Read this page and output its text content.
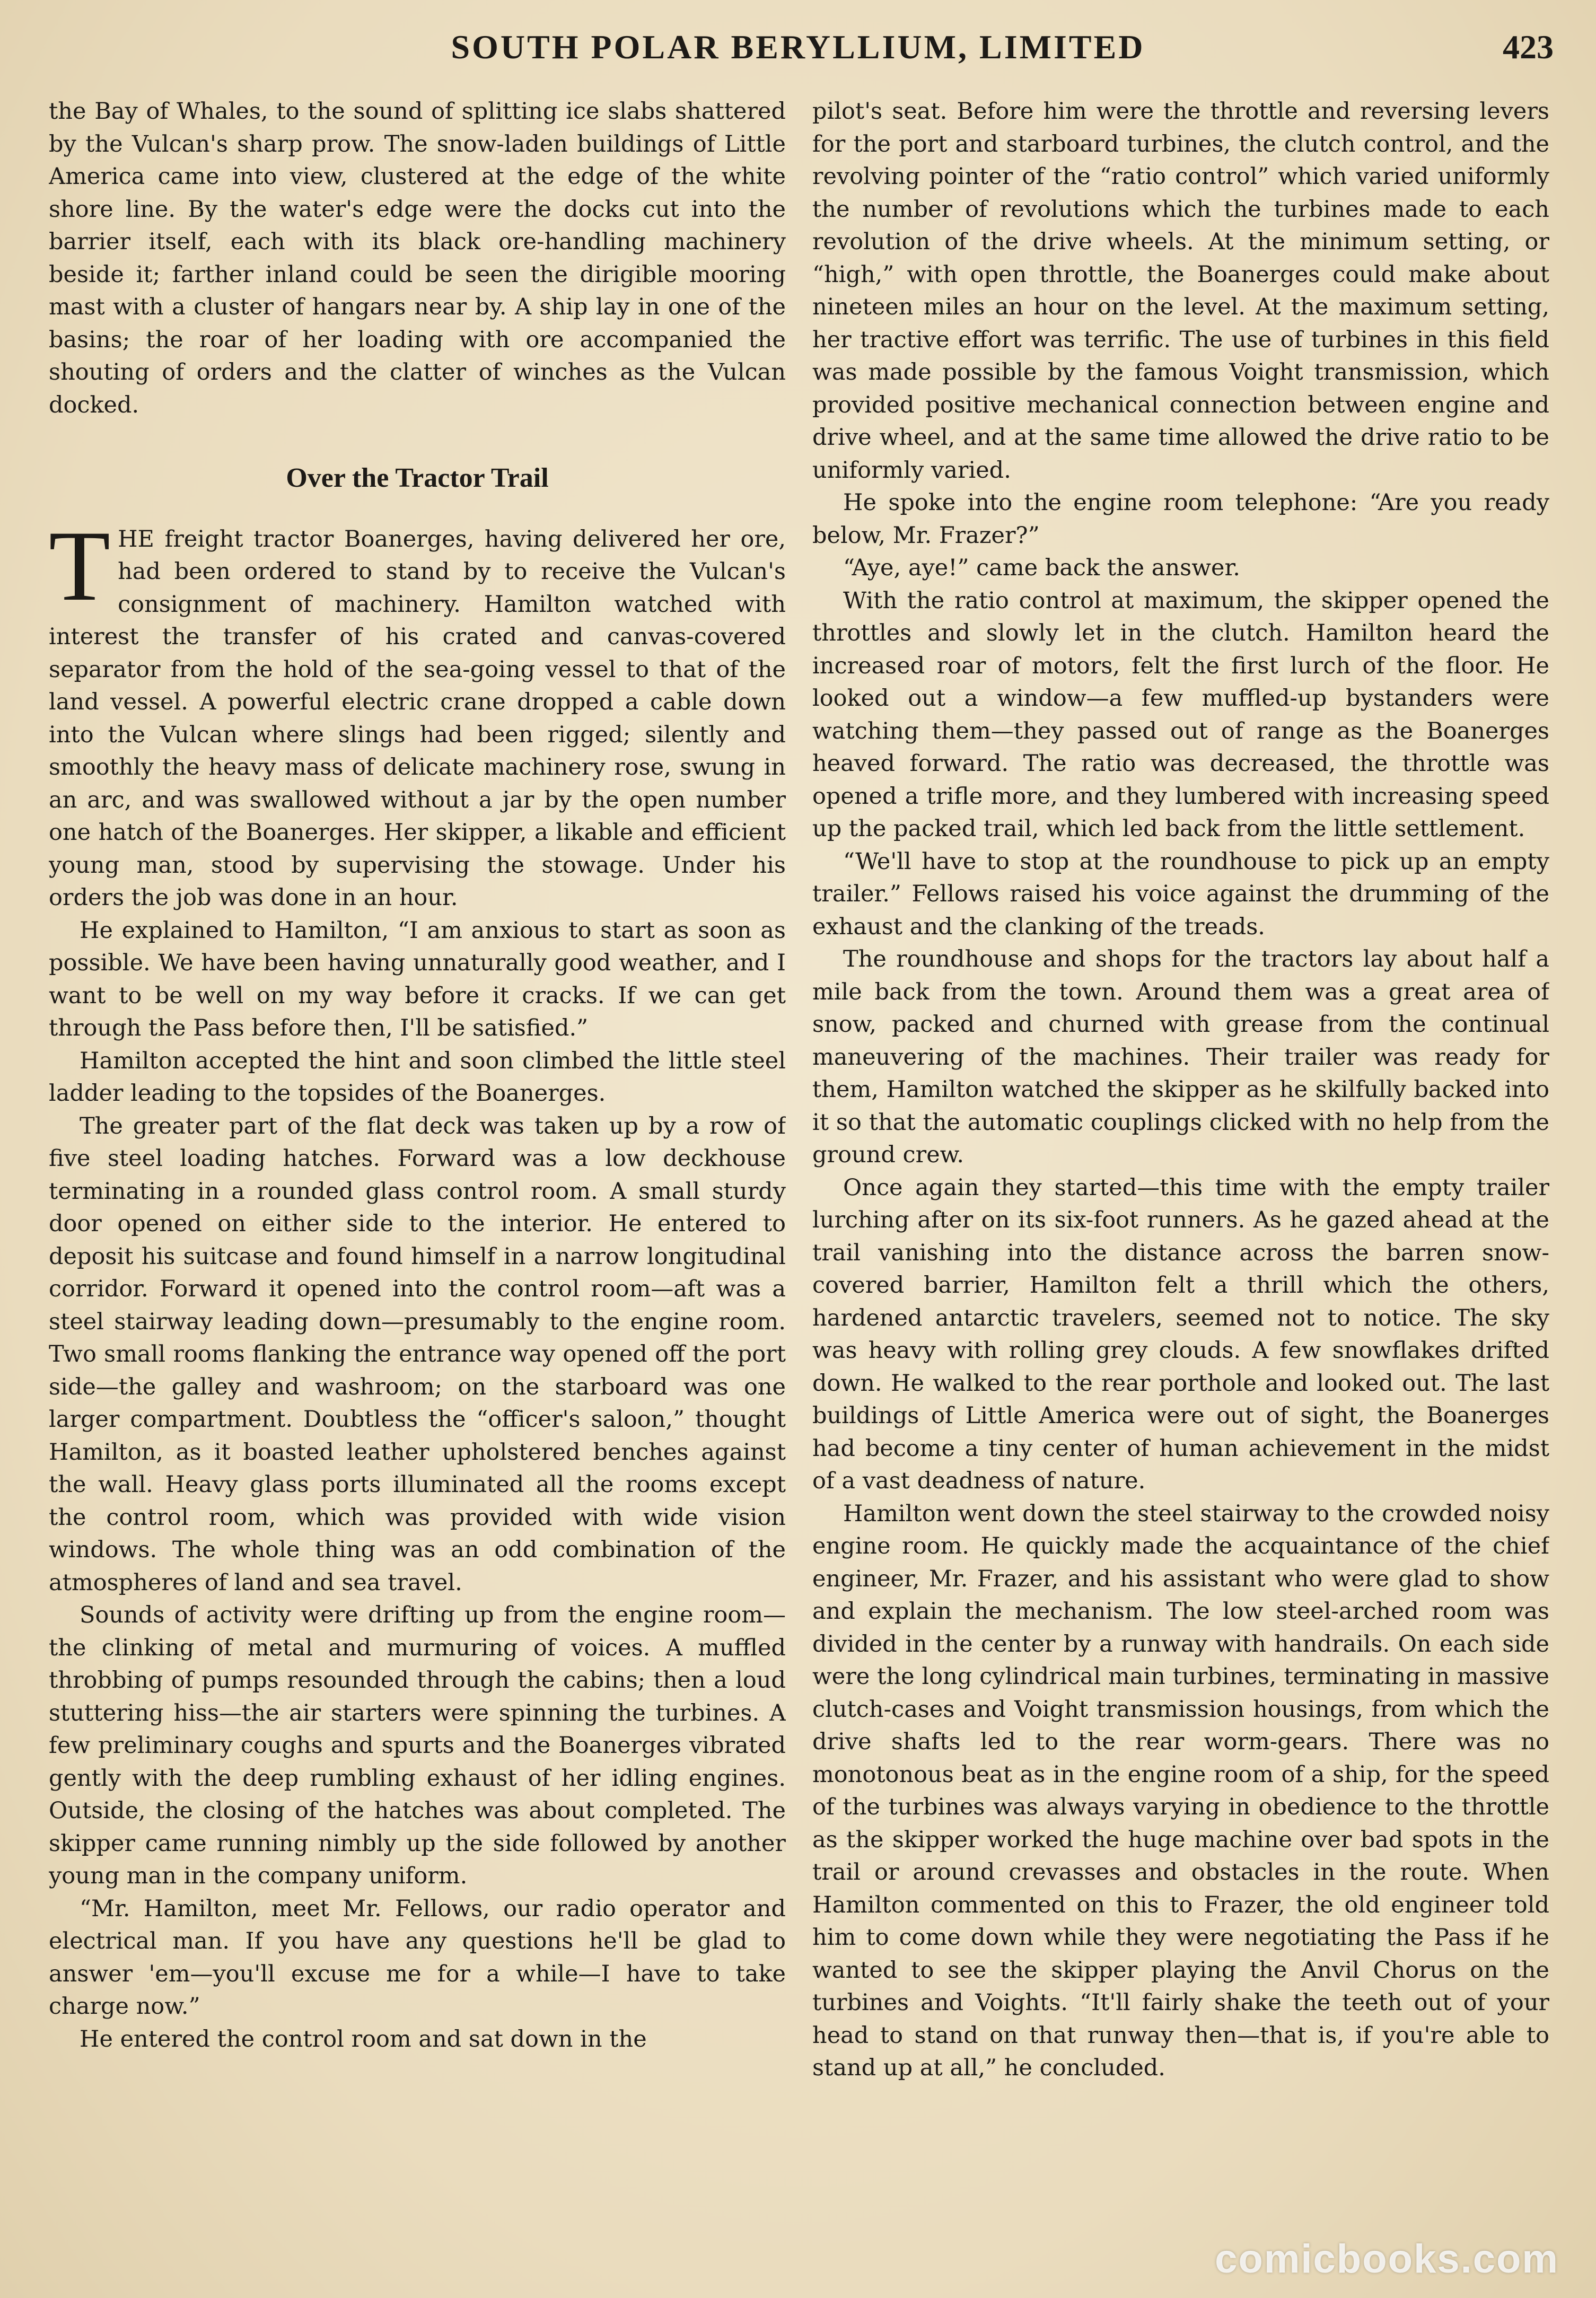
SOUTH POLAR BERYLLIUM, LIMITED	423

the Bay of Whales, to the sound of splitting ice slabs shattered by the Vulcan's sharp prow. The snow-laden buildings of Little America came into view, clustered at the edge of the white shore line. By the water's edge were the docks cut into the barrier itself, each with its black ore-handling machinery beside it; farther inland could be seen the dirigible mooring mast with a cluster of hangars near by. A ship lay in one of the basins; the roar of her loading with ore accompanied the shouting of orders and the clatter of winches as the Vulcan docked.

Over the Tractor Trail

THE freight tractor Boanerges, having delivered her ore, had been ordered to stand by to receive the Vulcan's consignment of machinery. Hamilton watched with interest the transfer of his crated and canvas-covered separator from the hold of the sea-going vessel to that of the land vessel. A powerful electric crane dropped a cable down into the Vulcan where slings had been rigged; silently and smoothly the heavy mass of delicate machinery rose, swung in an arc, and was swallowed without a jar by the open number one hatch of the Boanerges. Her skipper, a likable and efficient young man, stood by supervising the stowage. Under his orders the job was done in an hour.

He explained to Hamilton, “I am anxious to start as soon as possible. We have been having unnaturally good weather, and I want to be well on my way before it cracks. If we can get through the Pass before then, I'll be satisfied.”

Hamilton accepted the hint and soon climbed the little steel ladder leading to the topsides of the Boanerges.

The greater part of the flat deck was taken up by a row of five steel loading hatches. Forward was a low deckhouse terminating in a rounded glass control room. A small sturdy door opened on either side to the interior. He entered to deposit his suitcase and found himself in a narrow longitudinal corridor. Forward it opened into the control room—aft was a steel stairway leading down—presumably to the engine room. Two small rooms flanking the entrance way opened off the port side—the galley and washroom; on the starboard was one larger compartment. Doubtless the “officer's saloon,” thought Hamilton, as it boasted leather upholstered benches against the wall. Heavy glass ports illuminated all the rooms except the control room, which was provided with wide vision windows. The whole thing was an odd combination of the atmospheres of land and sea travel.

Sounds of activity were drifting up from the engine room—the clinking of metal and murmuring of voices. A muffled throbbing of pumps resounded through the cabins; then a loud stuttering hiss—the air starters were spinning the turbines. A few preliminary coughs and spurts and the Boanerges vibrated gently with the deep rumbling exhaust of her idling engines. Outside, the closing of the hatches was about completed. The skipper came running nimbly up the side followed by another young man in the company uniform.

“Mr. Hamilton, meet Mr. Fellows, our radio operator and electrical man. If you have any questions he'll be glad to answer 'em—you'll excuse me for a while—I have to take charge now.”

He entered the control room and sat down in the

pilot's seat. Before him were the throttle and reversing levers for the port and starboard turbines, the clutch control, and the revolving pointer of the “ratio control” which varied uniformly the number of revolutions which the turbines made to each revolution of the drive wheels. At the minimum setting, or “high,” with open throttle, the Boanerges could make about nineteen miles an hour on the level. At the maximum setting, her tractive effort was terrific. The use of turbines in this field was made possible by the famous Voight transmission, which provided positive mechanical connection between engine and drive wheel, and at the same time allowed the drive ratio to be uniformly varied.

He spoke into the engine room telephone: “Are you ready below, Mr. Frazer?”

“Aye, aye!” came back the answer.

With the ratio control at maximum, the skipper opened the throttles and slowly let in the clutch. Hamilton heard the increased roar of motors, felt the first lurch of the floor. He looked out a window—a few muffled-up bystanders were watching them—they passed out of range as the Boanerges heaved forward. The ratio was decreased, the throttle was opened a trifle more, and they lumbered with increasing speed up the packed trail, which led back from the little settlement.

“We'll have to stop at the roundhouse to pick up an empty trailer.” Fellows raised his voice against the drumming of the exhaust and the clanking of the treads.

The roundhouse and shops for the tractors lay about half a mile back from the town. Around them was a great area of snow, packed and churned with grease from the continual maneuvering of the machines. Their trailer was ready for them, Hamilton watched the skipper as he skilfully backed into it so that the automatic couplings clicked with no help from the ground crew.

Once again they started—this time with the empty trailer lurching after on its six-foot runners. As he gazed ahead at the trail vanishing into the distance across the barren snow-covered barrier, Hamilton felt a thrill which the others, hardened antarctic travelers, seemed not to notice. The sky was heavy with rolling grey clouds. A few snowflakes drifted down. He walked to the rear porthole and looked out. The last buildings of Little America were out of sight, the Boanerges had become a tiny center of human achievement in the midst of a vast deadness of nature.

Hamilton went down the steel stairway to the crowded noisy engine room. He quickly made the acquaintance of the chief engineer, Mr. Frazer, and his assistant who were glad to show and explain the mechanism. The low steel-arched room was divided in the center by a runway with handrails. On each side were the long cylindrical main turbines, terminating in massive clutch-cases and Voight transmission housings, from which the drive shafts led to the rear worm-gears. There was no monotonous beat as in the engine room of a ship, for the speed of the turbines was always varying in obedience to the throttle as the skipper worked the huge machine over bad spots in the trail or around crevasses and obstacles in the route. When Hamilton commented on this to Frazer, the old engineer told him to come down while they were negotiating the Pass if he wanted to see the skipper playing the Anvil Chorus on the turbines and Voights. “It'll fairly shake the teeth out of your head to stand on that runway then—that is, if you're able to stand up at all,” he concluded.

comicbooks.com
